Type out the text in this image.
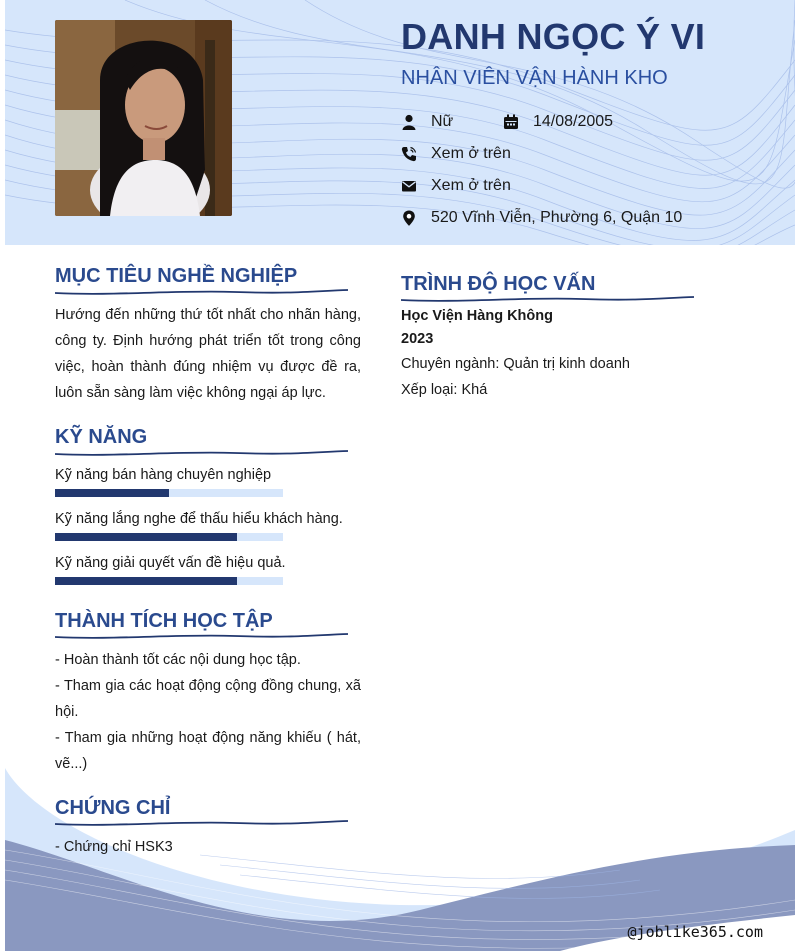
DANH NGỌC Ý VI
NHÂN VIÊN VẬN HÀNH KHO
Nữ	14/08/2005
Xem ở trên
Xem ở trên
520 Vĩnh Viễn, Phường 6, Quận 10
MỤC TIÊU NGHỀ NGHIỆP
Hướng đến những thứ tốt nhất cho nhãn hàng, công ty. Định hướng phát triển tốt trong công việc, hoàn thành đúng nhiệm vụ được đề ra, luôn sẵn sàng làm việc không ngại áp lực.
KỸ NĂNG
Kỹ năng bán hàng chuyên nghiệp
Kỹ năng lắng nghe để thấu hiểu khách hàng.
Kỹ năng giải quyết vấn đề hiệu quả.
THÀNH TÍCH HỌC TẬP
- Hoàn thành tốt các nội dung học tập.
- Tham gia các hoạt động cộng đồng chung, xã hội.
- Tham gia những hoạt động năng khiếu ( hát, vẽ...)
CHỨNG CHỈ
- Chứng chỉ HSK3
TRÌNH ĐỘ HỌC VẤN
Học Viện Hàng Không
2023
Chuyên ngành: Quản trị kinh doanh
Xếp loại: Khá
@joblike365.com
